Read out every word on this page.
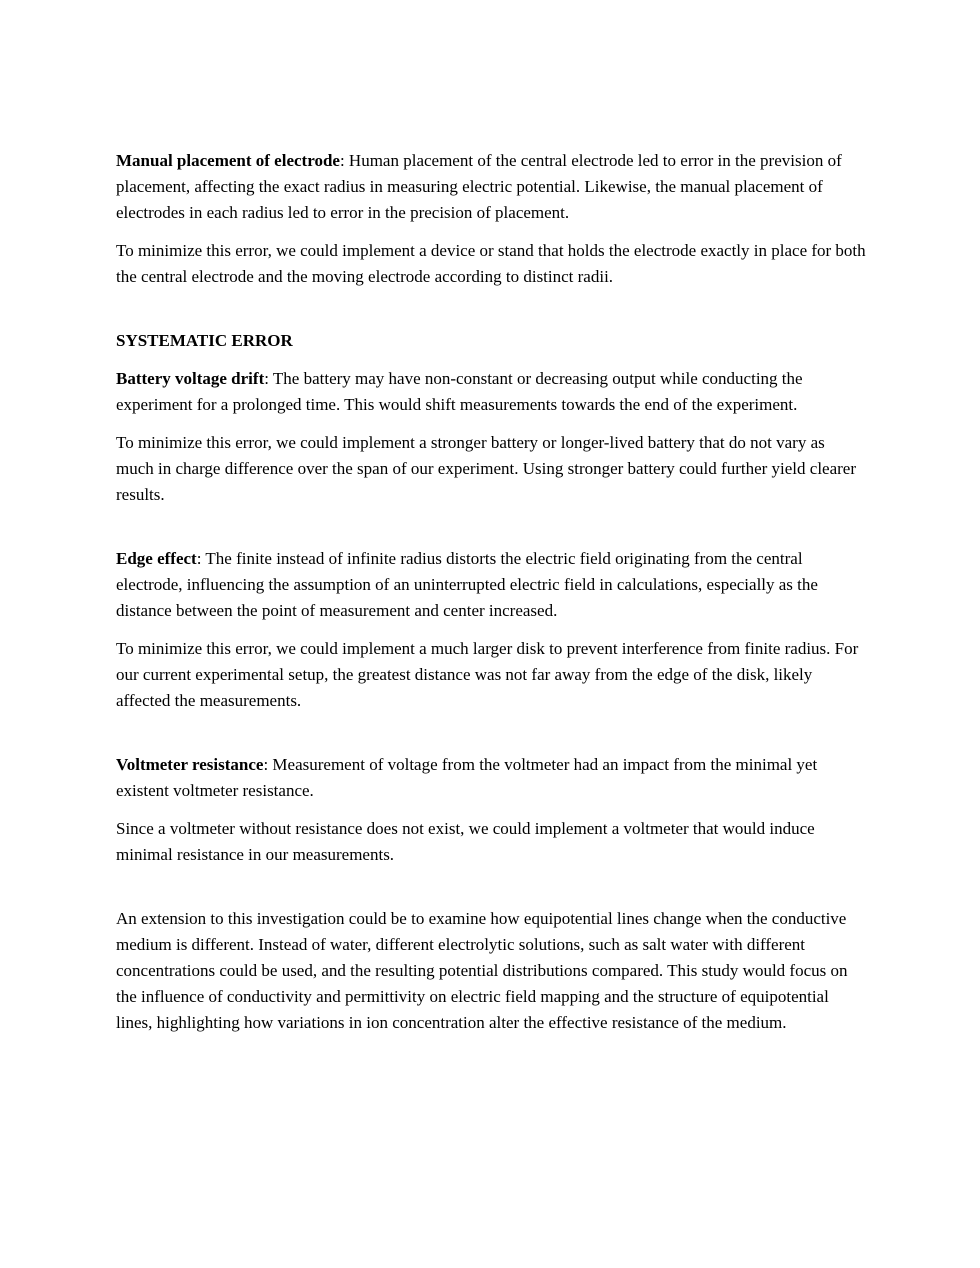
Manual placement of electrode: Human placement of the central electrode led to error in the prevision of placement, affecting the exact radius in measuring electric potential. Likewise, the manual placement of electrodes in each radius led to error in the precision of placement.

To minimize this error, we could implement a device or stand that holds the electrode exactly in place for both the central electrode and the moving electrode according to distinct radii.

SYSTEMATIC ERROR

Battery voltage drift: The battery may have non-constant or decreasing output while conducting the experiment for a prolonged time. This would shift measurements towards the end of the experiment.

To minimize this error, we could implement a stronger battery or longer-lived battery that do not vary as much in charge difference over the span of our experiment. Using stronger battery could further yield clearer results.

Edge effect: The finite instead of infinite radius distorts the electric field originating from the central electrode, influencing the assumption of an uninterrupted electric field in calculations, especially as the distance between the point of measurement and center increased.

To minimize this error, we could implement a much larger disk to prevent interference from finite radius. For our current experimental setup, the greatest distance was not far away from the edge of the disk, likely affected the measurements.

Voltmeter resistance: Measurement of voltage from the voltmeter had an impact from the minimal yet existent voltmeter resistance.

Since a voltmeter without resistance does not exist, we could implement a voltmeter that would induce minimal resistance in our measurements.

An extension to this investigation could be to examine how equipotential lines change when the conductive medium is different. Instead of water, different electrolytic solutions, such as salt water with different concentrations could be used, and the resulting potential distributions compared. This study would focus on the influence of conductivity and permittivity on electric field mapping and the structure of equipotential lines, highlighting how variations in ion concentration alter the effective resistance of the medium.
